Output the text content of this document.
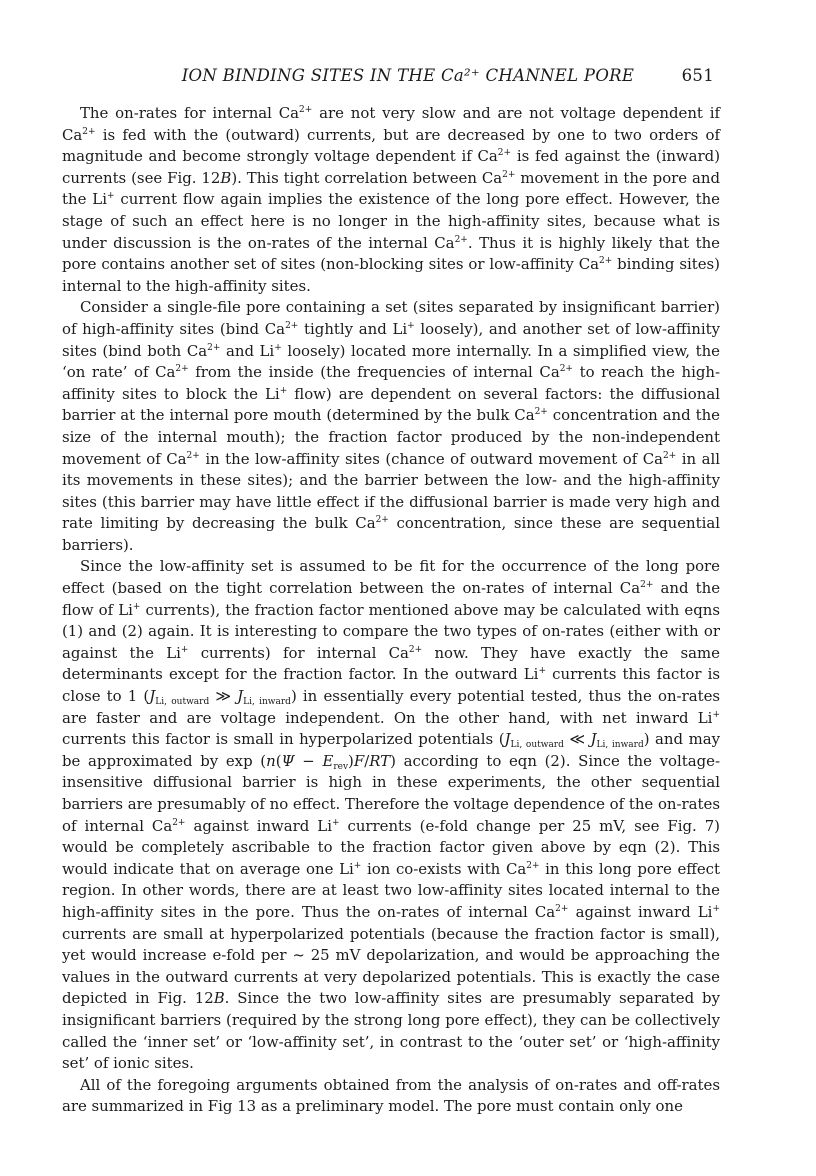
ION BINDING SITES IN THE Ca²⁺ CHANNEL PORE	651

The on-rates for internal $Ca^{2+}$ are not very slow and are not voltage dependent if $Ca^{2+}$ is fed with the (outward) currents, but are decreased by one to two orders of magnitude and become strongly voltage dependent if $Ca^{2+}$ is fed against the (inward) currents (see Fig. 12B). This tight correlation between $Ca^{2+}$ movement in the pore and the Li+ current flow again implies the existence of the long pore effect. However, the stage of such an effect here is no longer in the high-affinity sites, because what is under discussion is the on-rates of the internal $Ca^{2+}$. Thus it is highly likely that the pore contains another set of sites (non-blocking sites or low-affinity $Ca^{2+}$ binding sites) internal to the high-affinity sites.

Consider a single-file pore containing a set (sites separated by insignificant barrier) of high-affinity sites (bind $Ca^{2+}$ tightly and Li+ loosely), and another set of low-affinity sites (bind both $Ca^{2+}$ and Li+ loosely) located more internally. In a simplified view, the ‘on rate’ of $Ca^{2+}$ from the inside (the frequencies of internal $Ca^{2+}$ to reach the high-affinity sites to block the Li+ flow) are dependent on several factors: the diffusional barrier at the internal pore mouth (determined by the bulk $Ca^{2+}$ concentration and the size of the internal mouth); the fraction factor produced by the non-independent movement of $Ca^{2+}$ in the low-affinity sites (chance of outward movement of $Ca^{2+}$ in all its movements in these sites); and the barrier between the low- and the high-affinity sites (this barrier may have little effect if the diffusional barrier is made very high and rate limiting by decreasing the bulk $Ca^{2+}$ concentration, since these are sequential barriers).

Since the low-affinity set is assumed to be fit for the occurrence of the long pore effect (based on the tight correlation between the on-rates of internal $Ca^{2+}$ and the flow of Li+ currents), the fraction factor mentioned above may be calculated with eqns (1) and (2) again. It is interesting to compare the two types of on-rates (either with or against the Li+ currents) for internal $Ca^{2+}$ now. They have exactly the same determinants except for the fraction factor. In the outward Li+ currents this factor is close to 1 ($J_{Li, outward}$ ≫ $J_{Li, inward}$) in essentially every potential tested, thus the on-rates are faster and are voltage independent. On the other hand, with net inward Li+ currents this factor is small in hyperpolarized potentials ($J_{Li, outward}$ ≪ $J_{Li, inward}$) and may be approximated by $\exp (n(\Psi - E_{rev})F/RT)$ according to eqn (2). Since the voltage-insensitive diffusional barrier is high in these experiments, the other sequential barriers are presumably of no effect. Therefore the voltage dependence of the on-rates of internal $Ca^{2+}$ against inward Li+ currents (e-fold change per 25 mV, see Fig. 7) would be completely ascribable to the fraction factor given above by eqn (2). This would indicate that on average one Li+ ion co-exists with $Ca^{2+}$ in this long pore effect region. In other words, there are at least two low-affinity sites located internal to the high-affinity sites in the pore. Thus the on-rates of internal $Ca^{2+}$ against inward Li+ currents are small at hyperpolarized potentials (because the fraction factor is small), yet would increase e-fold per ∼ 25 mV depolarization, and would be approaching the values in the outward currents at very depolarized potentials. This is exactly the case depicted in Fig. 12B. Since the two low-affinity sites are presumably separated by insignificant barriers (required by the strong long pore effect), they can be collectively called the ‘inner set’ or ‘low-affinity set’, in contrast to the ‘outer set’ or ‘high-affinity set’ of ionic sites.

All of the foregoing arguments obtained from the analysis of on-rates and off-rates are summarized in Fig 13 as a preliminary model. The pore must contain only one
